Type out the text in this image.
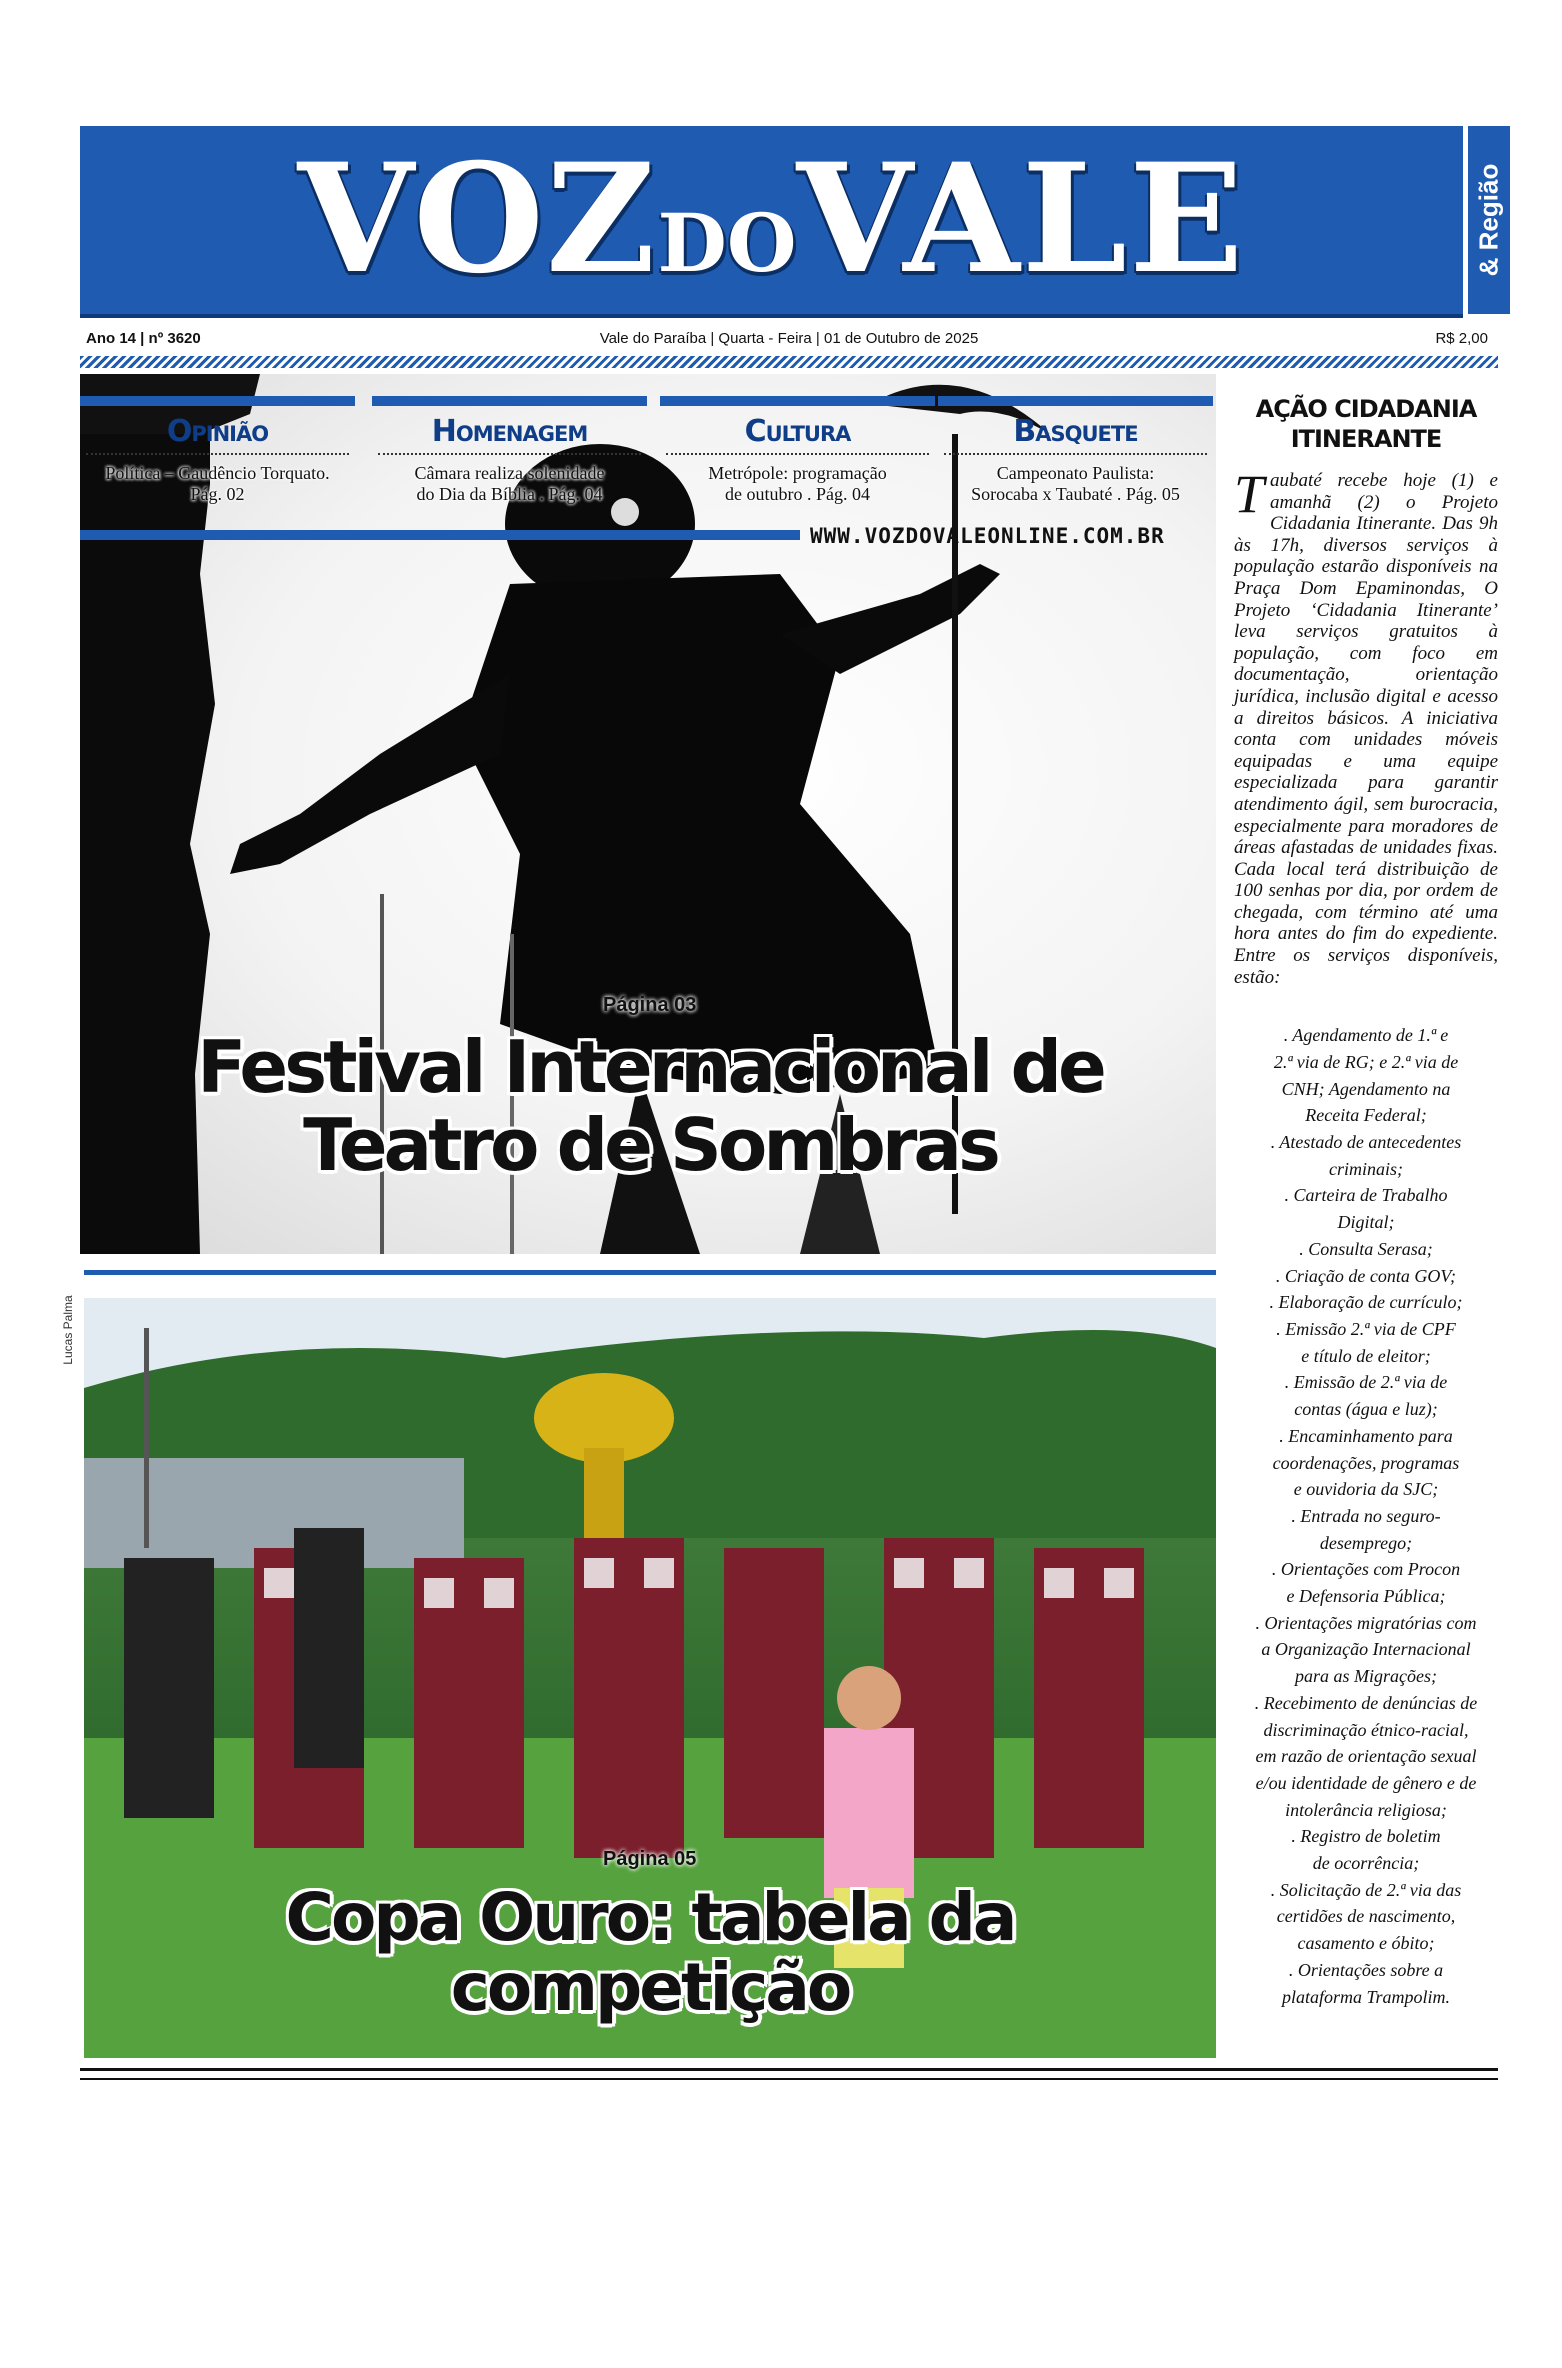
VOZDOVALE	& Região
Ano 14 | nº 3620	Vale do Paraíba | Quarta - Feira | 01 de Outubro de 2025	R$ 2,00
Opinião
Política – Gaudêncio Torquato.
Pág. 02
Homenagem
Câmara realiza solenidade
do Dia da Bíblia . Pág. 04
Cultura
Metrópole: programação
de outubro . Pág. 04
Basquete
Campeonato Paulista:
Sorocaba x Taubaté . Pág. 05
WWW.VOZDOVALEONLINE.COM.BR
Página 03
Festival Internacional de
Teatro de Sombras
Lucas Palma
Página 05
Copa Ouro: tabela da competição
AÇÃO CIDADANIA
ITINERANTE
Taubaté recebe hoje (1) e amanhã (2) o Projeto Cidadania Itinerante. Das 9h às 17h, diversos serviços à população estarão disponíveis na Praça Dom Epaminondas, O Projeto ‘Cidadania Itinerante’ leva serviços gratuitos à população, com foco em documentação, orientação jurídica, inclusão digital e acesso a direitos básicos. A iniciativa conta com unidades móveis equipadas e uma equipe especializada para garantir atendimento ágil, sem burocracia, especialmente para moradores de áreas afastadas de unidades fixas. Cada local terá distribuição de 100 senhas por dia, por ordem de chegada, com término até uma hora antes do fim do expediente. Entre os serviços disponíveis, estão:
. Agendamento de 1.ª e
2.ª via de RG; e 2.ª via de
CNH; Agendamento na
Receita Federal;
. Atestado de antecedentes
criminais;
. Carteira de Trabalho
Digital;
. Consulta Serasa;
. Criação de conta GOV;
. Elaboração de currículo;
. Emissão 2.ª via de CPF
e título de eleitor;
. Emissão de 2.ª via de
contas (água e luz);
. Encaminhamento para
coordenações, programas
e ouvidoria da SJC;
. Entrada no seguro-
desemprego;
. Orientações com Procon
e Defensoria Pública;
. Orientações migratórias com
a Organização Internacional
para as Migrações;
. Recebimento de denúncias de
discriminação étnico-racial,
em razão de orientação sexual
e/ou identidade de gênero e de
intolerância religiosa;
. Registro de boletim
de ocorrência;
. Solicitação de 2.ª via das
certidões de nascimento,
casamento e óbito;
. Orientações sobre a
plataforma Trampolim.
